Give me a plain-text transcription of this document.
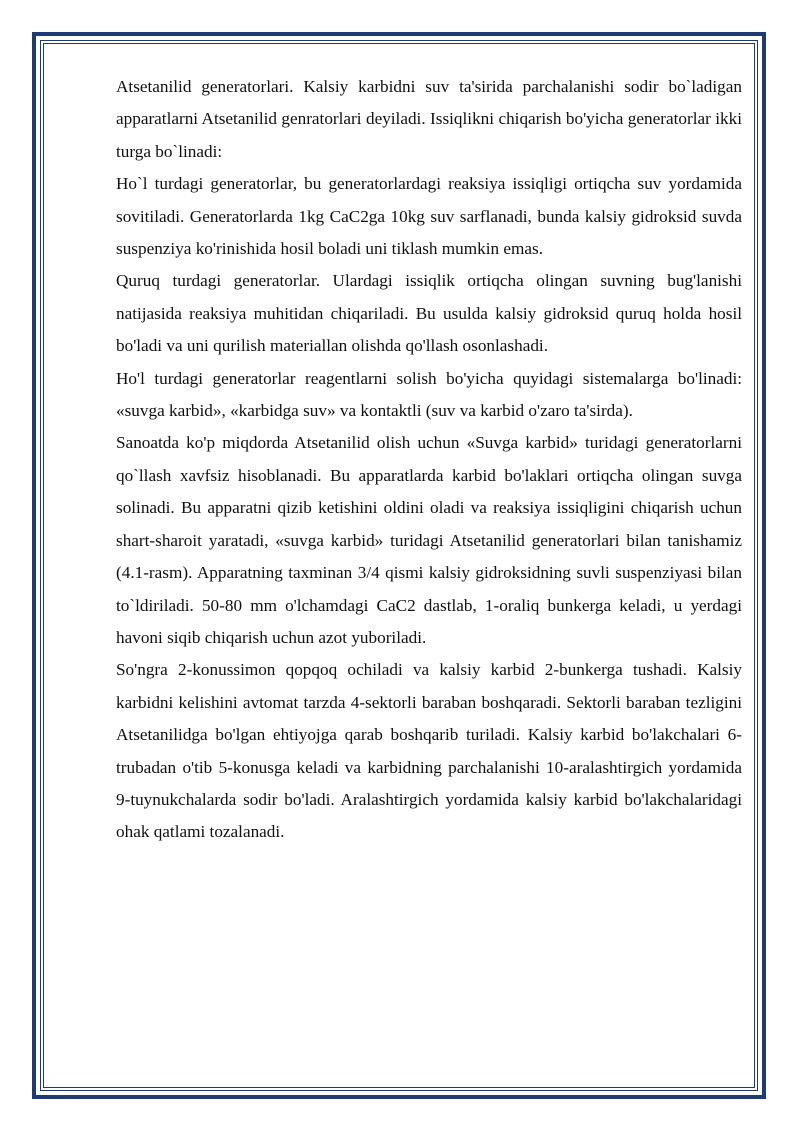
Atsetanilid generatorlari. Kalsiy karbidni suv ta'sirida parchalanishi sodir bo`ladigan apparatlarni Atsetanilid genratorlari deyiladi. Issiqlikni chiqarish bo'yicha generatorlar ikki turga bo`linadi:

Ho`l turdagi generatorlar, bu generatorlardagi reaksiya issiqligi ortiqcha suv yordamida sovitiladi. Generatorlarda 1kg CaC2ga 10kg suv sarflanadi, bunda kalsiy gidroksid suvda suspenziya ko'rinishida hosil boladi uni tiklash mumkin emas.

Quruq turdagi generatorlar. Ulardagi issiqlik ortiqcha olingan suvning bug'lanishi natijasida reaksiya muhitidan chiqariladi. Bu usulda kalsiy gidroksid quruq holda hosil bo'ladi va uni qurilish materiallan olishda qo'llash osonlashadi.

Ho'l turdagi generatorlar reagentlarni solish bo'yicha quyidagi sistemalarga bo'linadi: «suvga karbid», «karbidga suv» va kontaktli (suv va karbid o'zaro ta'sirda).

Sanoatda ko'p miqdorda Atsetanilid olish uchun «Suvga karbid» turidagi generatorlarni qo`llash xavfsiz hisoblanadi. Bu apparatlarda karbid bo'laklari ortiqcha olingan suvga solinadi. Bu apparatni qizib ketishini oldini oladi va reaksiya issiqligini chiqarish uchun shart-sharoit yaratadi, «suvga karbid» turidagi Atsetanilid generatorlari bilan tanishamiz (4.1-rasm). Apparatning taxminan 3/4 qismi kalsiy gidroksidning suvli suspenziyasi bilan to`ldiriladi. 50-80 mm o'lchamdagi CaC2 dastlab, 1-oraliq bunkerga keladi, u yerdagi havoni siqib chiqarish uchun azot yuboriladi.

So'ngra 2-konussimon qopqoq ochiladi va kalsiy karbid 2-bunkerga tushadi. Kalsiy karbidni kelishini avtomat tarzda 4-sektorli baraban boshqaradi. Sektorli baraban tezligini Atsetanilidga bo'lgan ehtiyojga qarab boshqarib turiladi. Kalsiy karbid bo'lakchalari 6-trubadan o'tib 5-konusga keladi va karbidning parchalanishi 10-aralashtirgich yordamida 9-tuynukchalarda sodir bo'ladi. Aralashtirgich yordamida kalsiy karbid bo'lakchalaridagi ohak qatlami tozalanadi.
